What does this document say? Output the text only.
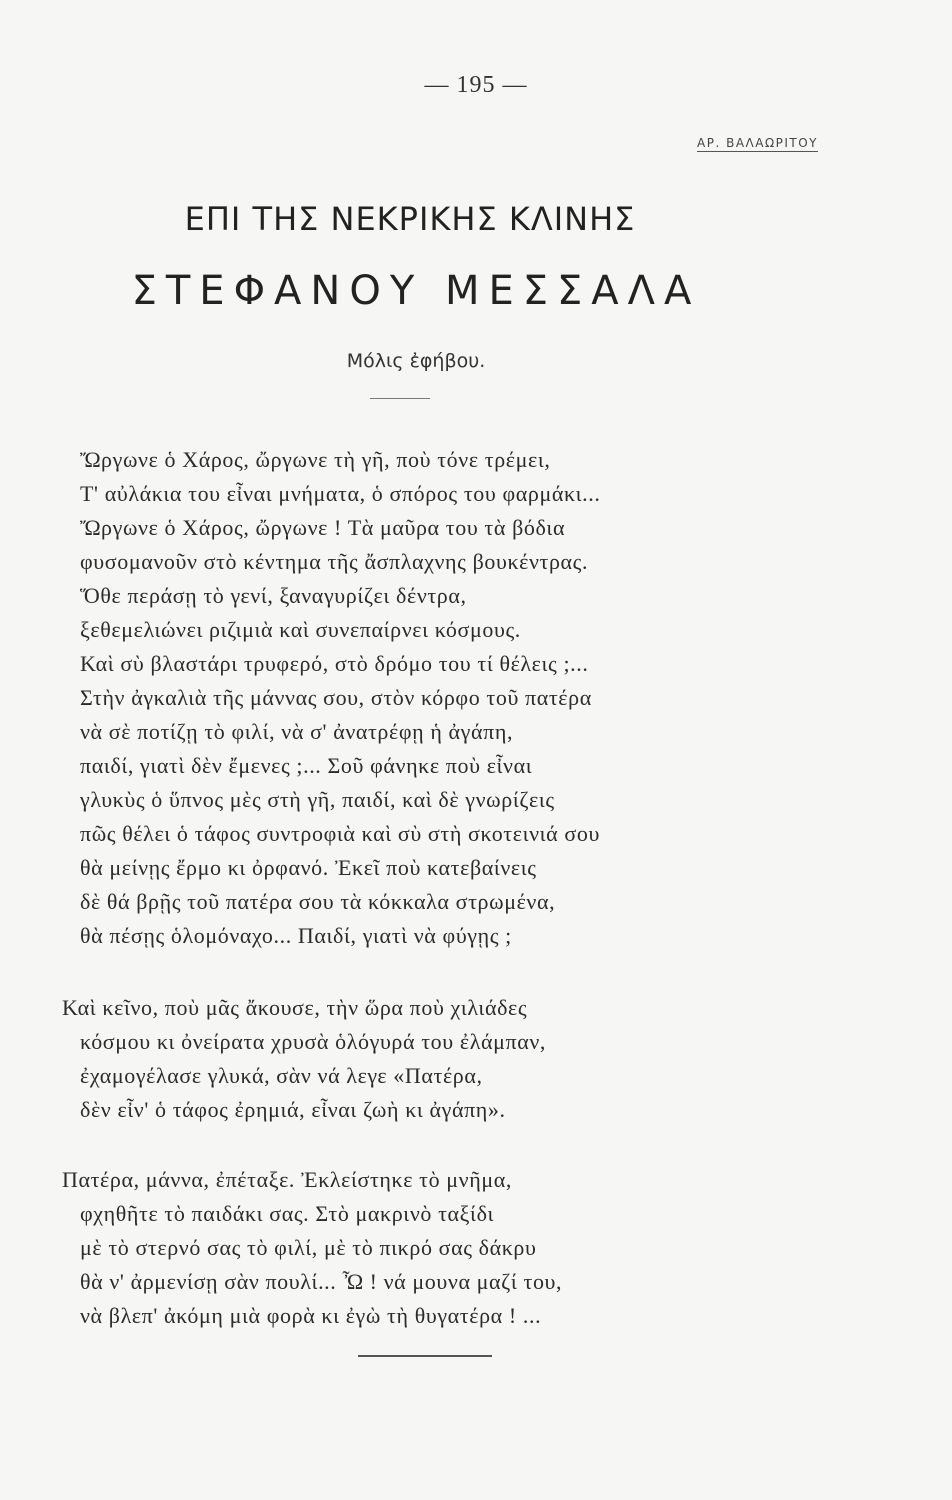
— 195 —
ΑΡ. ΒΑΛΑΩΡΙΤΟΥ
ΕΠΙ ΤΗΣ ΝΕΚΡΙΚΗΣ ΚΛΙΝΗΣ
ΣΤΕΦΑΝΟΥ ΜΕΣΣΑΛΑ
Μόλις ἐφήβου.
Ὤργωνε ὁ Χάρος, ὤργωνε τὴ γῆ, ποὺ τόνε τρέμει,
Τ' αὐλάκια του εἶναι μνήματα, ὁ σπόρος του φαρμάκι...
Ὤργωνε ὁ Χάρος, ὤργωνε ! Τὰ μαῦρα του τὰ βόδια
φυσομανοῦν στὸ κέντημα τῆς ἄσπλαχνης βουκέντρας.
Ὅθε περάσῃ τὸ γενί, ξαναγυρίζει δέντρα,
ξεθεμελιώνει ριζιμιὰ καὶ συνεπαίρνει κόσμους.
Καὶ σὺ βλαστάρι τρυφερό, στὸ δρόμο του τί θέλεις ;...
Στὴν ἀγκαλιὰ τῆς μάννας σου, στὸν κόρφο τοῦ πατέρα
νὰ σὲ ποτίζῃ τὸ φιλί, νὰ σ' ἀνατρέφῃ ἡ ἀγάπη,
παιδί, γιατὶ δὲν ἔμενες ;... Σοῦ φάνηκε ποὺ εἶναι
γλυκὺς ὁ ὕπνος μὲς στὴ γῆ, παιδί, καὶ δὲ γνωρίζεις
πῶς θέλει ὁ τάφος συντροφιὰ καὶ σὺ στὴ σκοτεινιά σου
θὰ μείνῃς ἔρμο κι ὀρφανό. Ἐκεῖ ποὺ κατεβαίνεις
δὲ θά βρῇς τοῦ πατέρα σου τὰ κόκκαλα στρωμένα,
θὰ πέσῃς ὁλομόναχο... Παιδί, γιατὶ νὰ φύγῃς ;
Καὶ κεῖνο, ποὺ μᾶς ἄκουσε, τὴν ὥρα ποὺ χιλιάδες
κόσμου κι ὀνείρατα χρυσὰ ὁλόγυρά του ἐλάμπαν,
ἐχαμογέλασε γλυκά, σὰν νά λεγε «Πατέρα,
δὲν εἶν' ὁ τάφος ἐρημιά, εἶναι ζωὴ κι ἀγάπη».
Πατέρα, μάννα, ἐπέταξε. Ἐκλείστηκε τὸ μνῆμα,
φχηθῆτε τὸ παιδάκι σας. Στὸ μακρινὸ ταξίδι
μὲ τὸ στερνό σας τὸ φιλί, μὲ τὸ πικρό σας δάκρυ
θὰ ν' ἀρμενίσῃ σὰν πουλί... Ὦ ! νά μουνα μαζί του,
νὰ βλεπ' ἀκόμη μιὰ φορὰ κι ἐγὼ τὴ θυγατέρα ! ...
